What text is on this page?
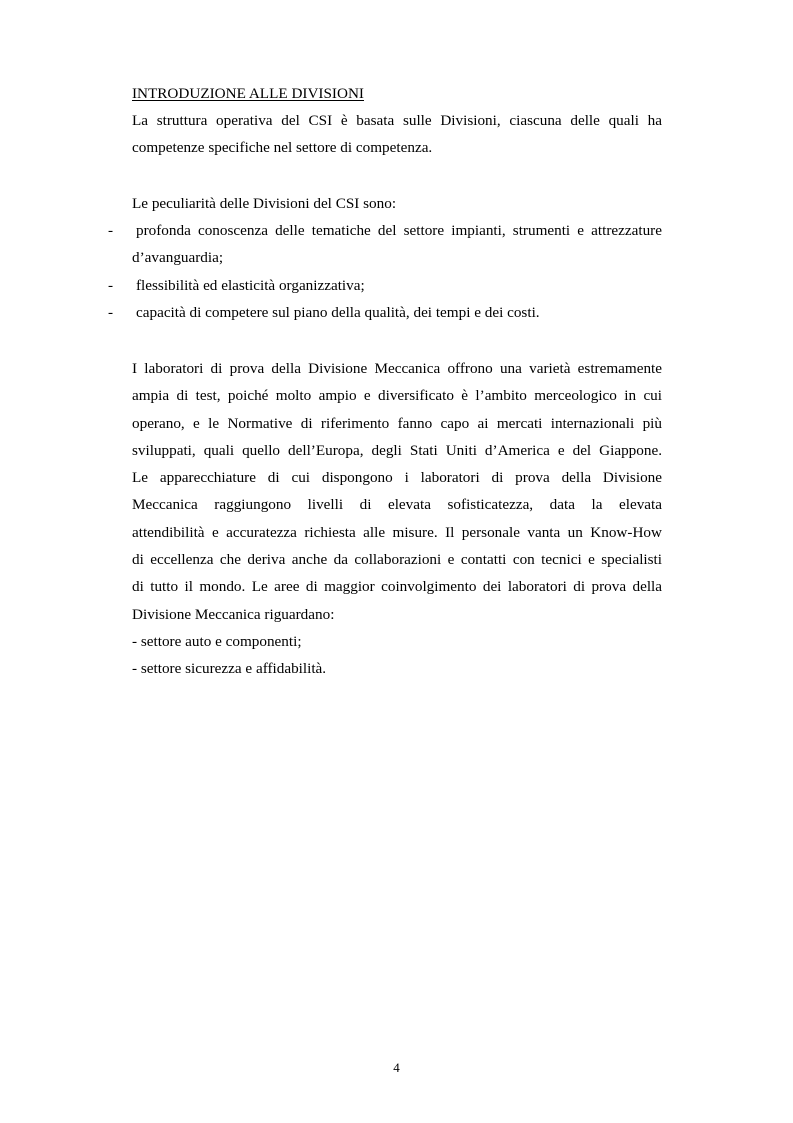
INTRODUZIONE ALLE DIVISIONI

La struttura operativa del CSI è basata sulle Divisioni, ciascuna delle quali ha
competenze specifiche nel settore di competenza.

Le peculiarità delle Divisioni del CSI sono:

- profonda conoscenza delle tematiche del settore impianti, strumenti e attrezzature
d’avanguardia;
- flessibilità ed elasticità organizzativa;
- capacità di competere sul piano della qualità, dei tempi e dei costi.

I laboratori di prova della Divisione Meccanica offrono una varietà estremamente
ampia di test, poiché molto ampio e diversificato è l’ambito merceologico in cui
operano, e le Normative di riferimento fanno capo ai mercati internazionali più
sviluppati, quali quello dell’Europa, degli Stati Uniti d’America e del Giappone.
Le apparecchiature di cui dispongono i laboratori di prova della Divisione
Meccanica raggiungono livelli di elevata sofisticatezza, data la elevata
attendibilità e accuratezza richiesta alle misure. Il personale vanta un Know-How
di eccellenza che deriva anche da collaborazioni e contatti con tecnici e specialisti
di tutto il mondo. Le aree di maggior coinvolgimento dei laboratori di prova della
Divisione Meccanica riguardano:
- settore auto e componenti;
- settore sicurezza e affidabilità.

4
